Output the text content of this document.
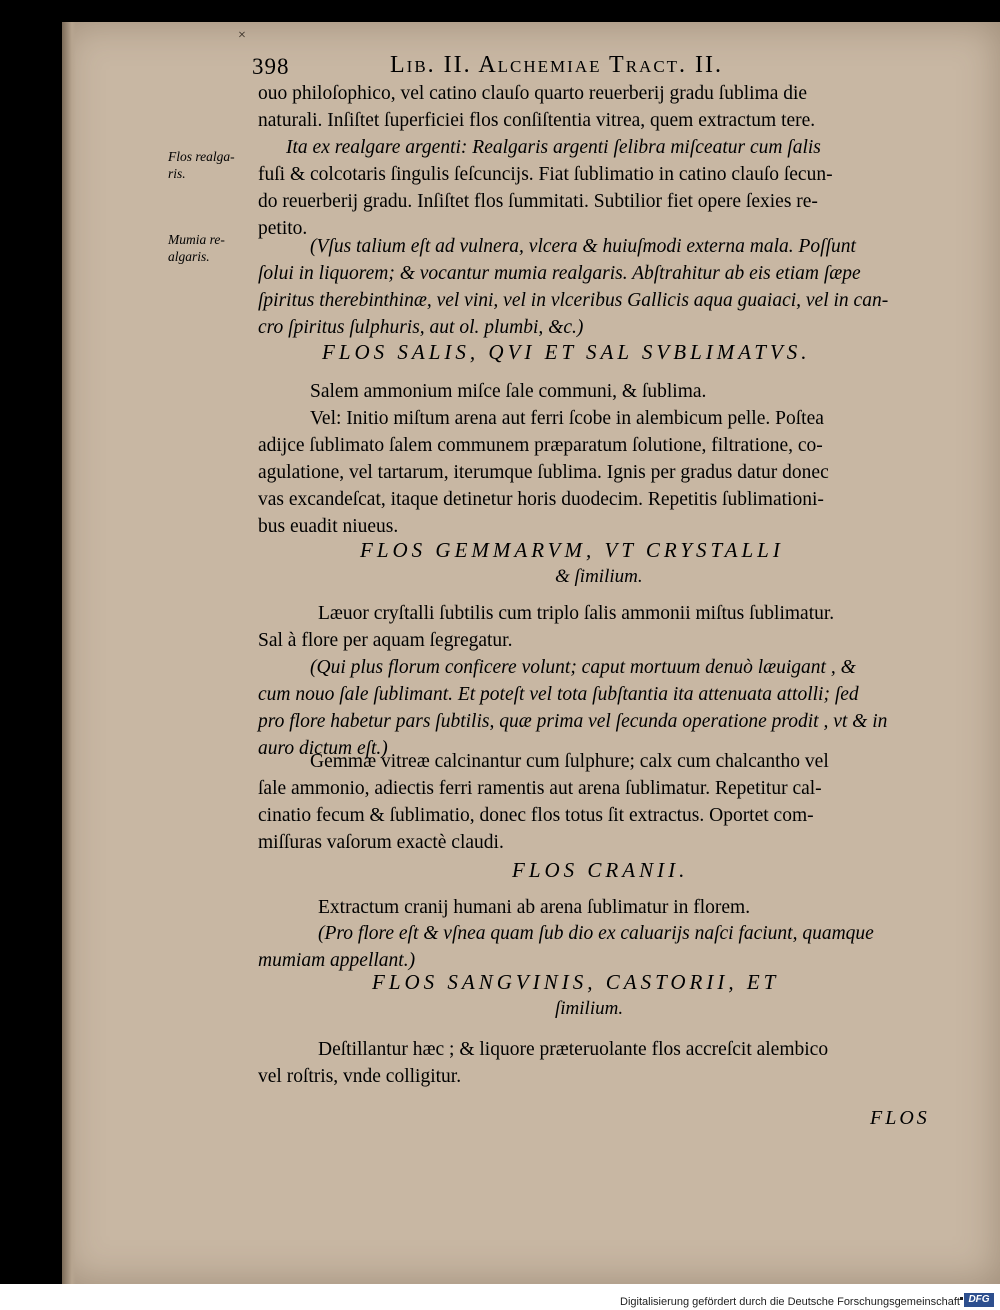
×
398	Lib. II. Alchemiae Tract. II.
Flos realga-
ris.
Mumia re-
algaris.
ouo philoſophico, vel catino clauſo quarto reuerberij gradu ſublima die
naturali. Inſiſtet ſuperficiei flos conſiſtentia vitrea, quem extractum tere.
Ita ex realgare argenti: Realgaris argenti ſelibra miſceatur cum ſalis
fuſi & colcotaris ſingulis ſeſcuncijs. Fiat ſublimatio in catino clauſo ſecun-
do reuerberij gradu. Inſiſtet flos ſummitati. Subtilior fiet opere ſexies re-
petito.
(Vſus talium eſt ad vulnera, vlcera & huiuſmodi externa mala. Poſſunt
ſolui in liquorem; & vocantur mumia realgaris. Abſtrahitur ab eis etiam ſæpe
ſpiritus therebinthinæ, vel vini, vel in vlceribus Gallicis aqua guaiaci, vel in can-
cro ſpiritus ſulphuris, aut ol. plumbi, &c.)
FLOS SALIS, QVI ET SAL SVBLIMATVS.
Salem ammonium miſce ſale communi, & ſublima.
Vel: Initio miſtum arena aut ferri ſcobe in alembicum pelle. Poſtea
adijce ſublimato ſalem communem præparatum ſolutione, filtratione, co-
agulatione, vel tartarum, iterumque ſublima. Ignis per gradus datur donec
vas excandeſcat, itaque detinetur horis duodecim. Repetitis ſublimationi-
bus euadit niueus.
FLOS GEMMARVM, VT CRYSTALLI
& ſimilium.
Læuor cryſtalli ſubtilis cum triplo ſalis ammonii miſtus ſublimatur.
Sal à flore per aquam ſegregatur.
(Qui plus florum conficere volunt; caput mortuum denuò læuigant , &
cum nouo ſale ſublimant. Et poteſt vel tota ſubſtantia ita attenuata attolli; ſed
pro flore habetur pars ſubtilis, quæ prima vel ſecunda operatione prodit , vt & in
auro dictum eſt.)
Gemmæ vitreæ calcinantur cum ſulphure; calx cum chalcantho vel
ſale ammonio, adiectis ferri ramentis aut arena ſublimatur. Repetitur cal-
cinatio fecum & ſublimatio, donec flos totus ſit extractus. Oportet com-
miſſuras vaſorum exactè claudi.
FLOS CRANII.
Extractum cranij humani ab arena ſublimatur in florem.
(Pro flore eſt & vſnea quam ſub dio ex caluarijs naſci faciunt, quamque
mumiam appellant.)
FLOS SANGVINIS, CASTORII, ET
ſimilium.
Deſtillantur hæc ; & liquore præteruolante flos accreſcit alembico
vel roſtris, vnde colligitur.
FLOS
Digitalisierung gefördert durch die Deutsche Forschungsgemeinschaft DFG
